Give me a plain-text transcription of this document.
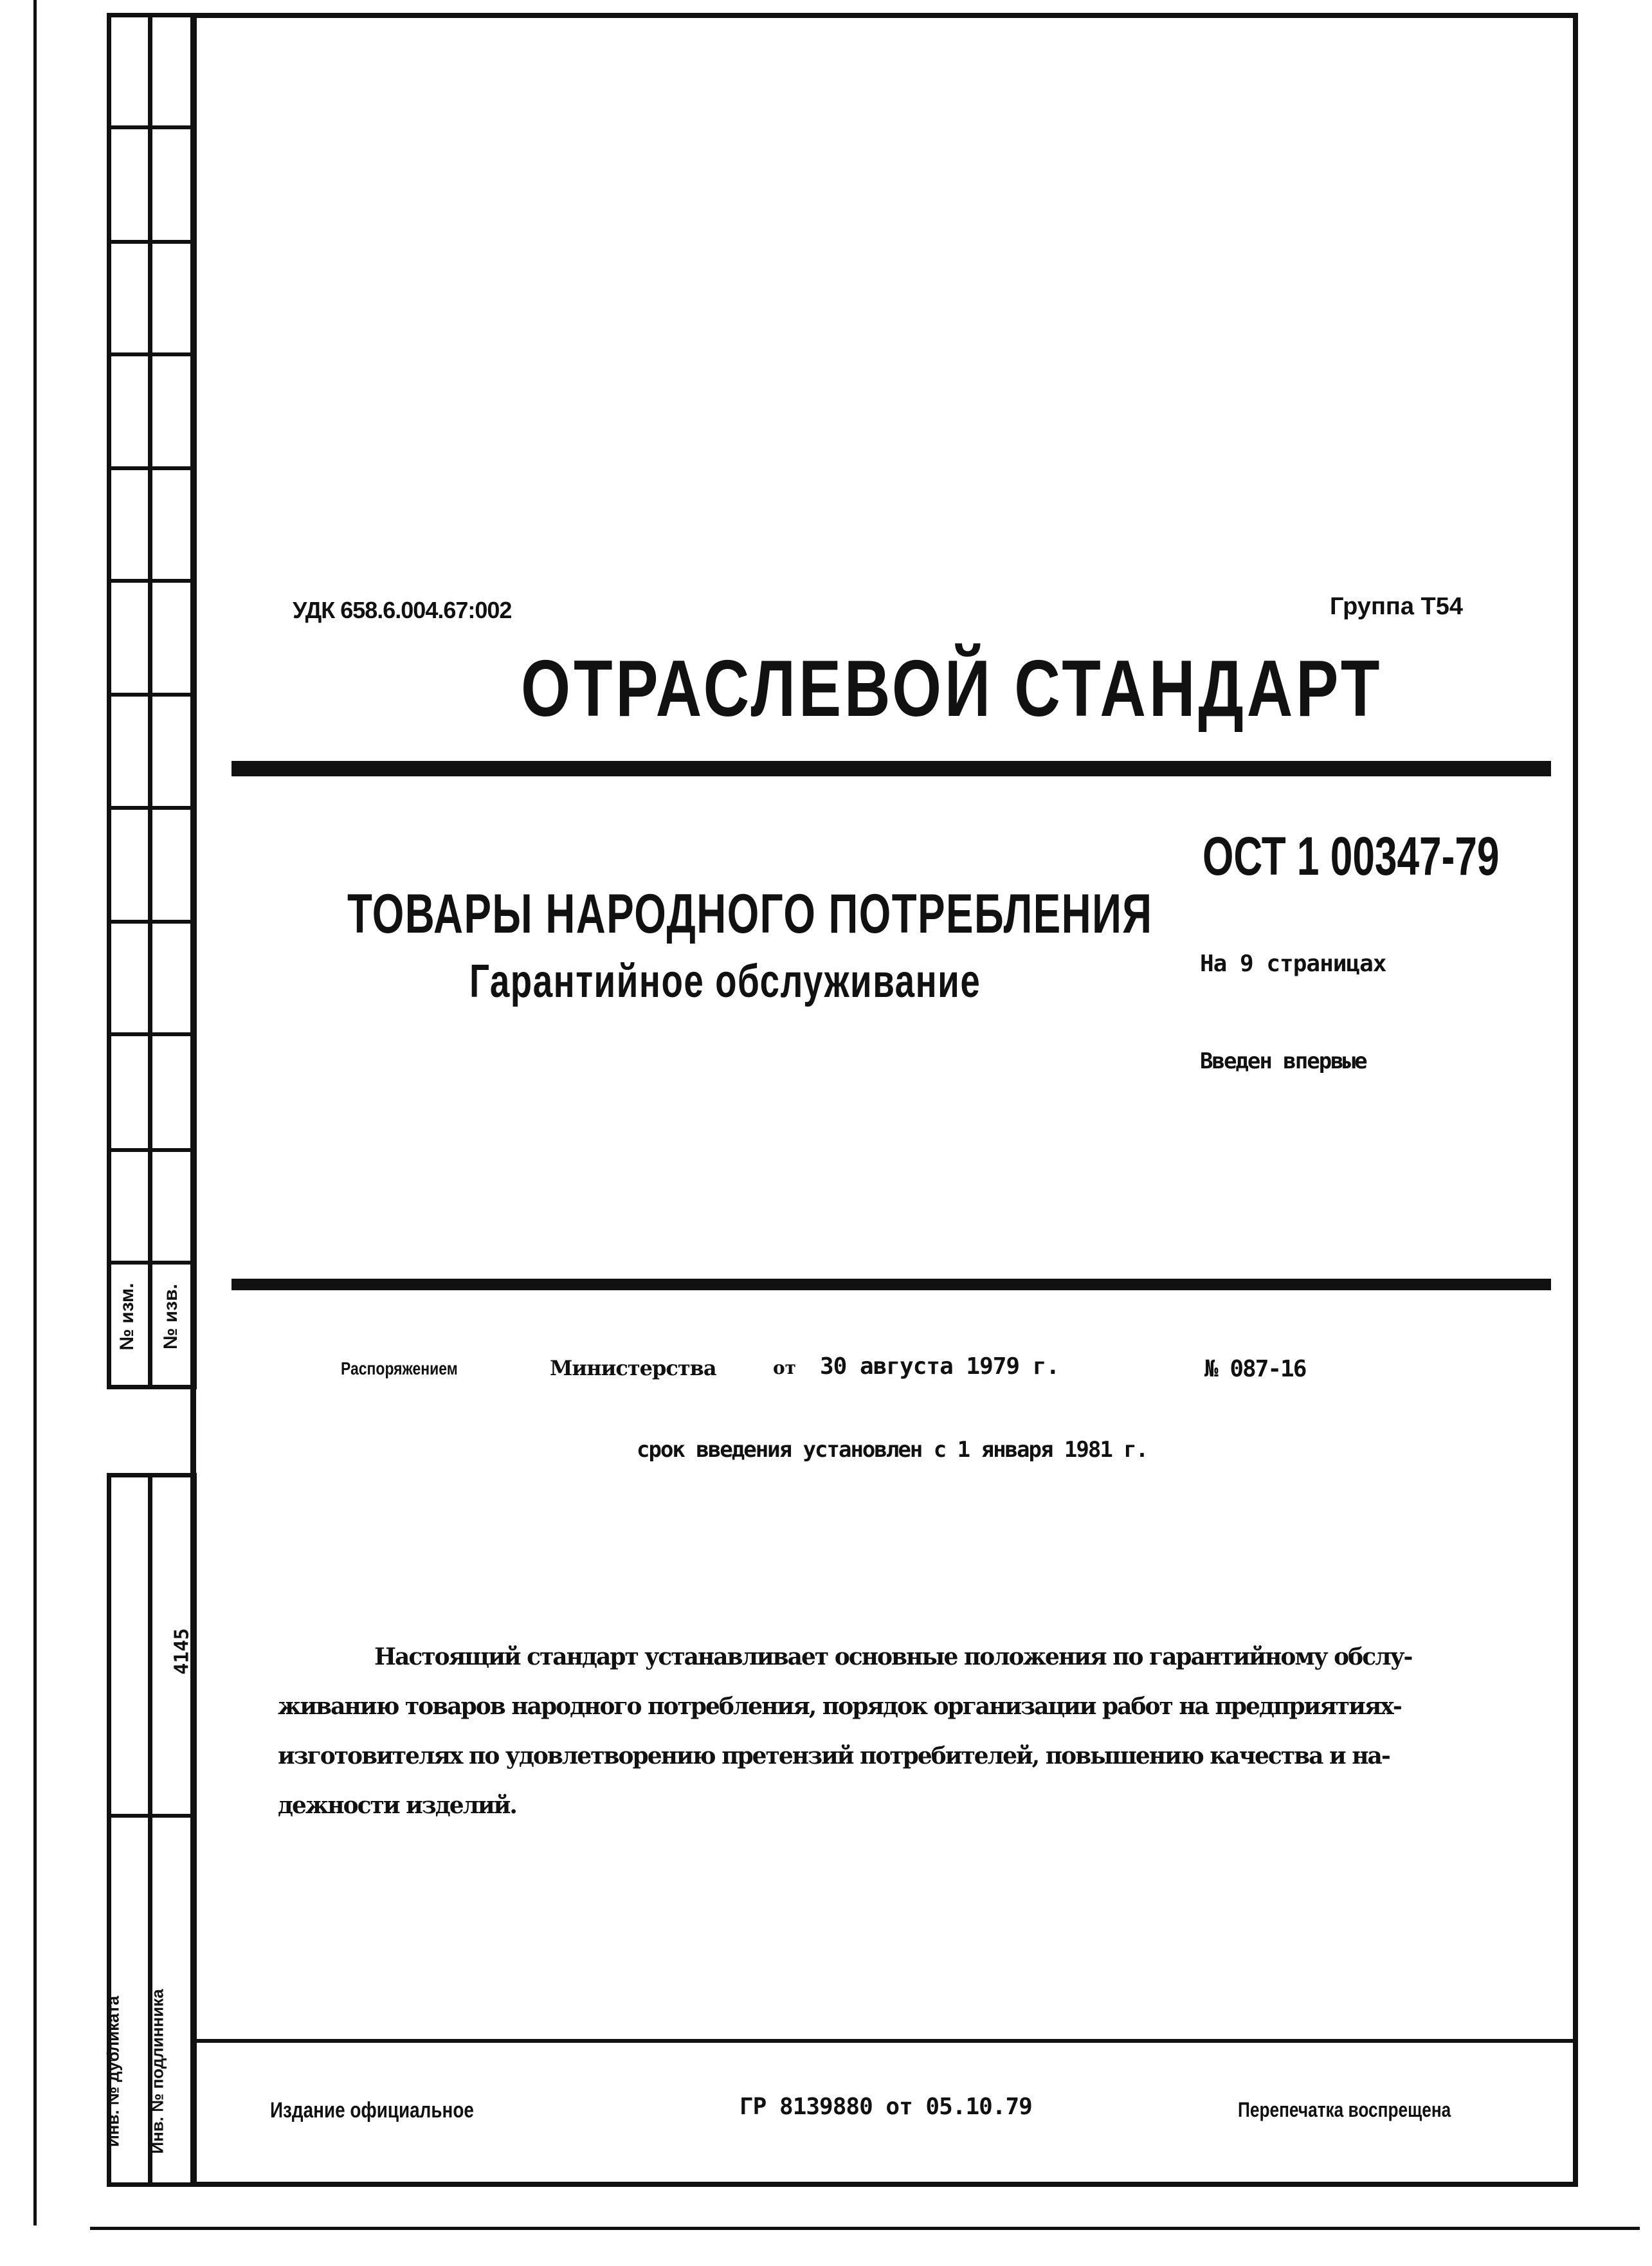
№ изм. № изв.
4145
Инв. № дубликата Инв. № подлинника
УДК 658.6.004.67:002	Группа Т54
ОТРАСЛЕВОЙ СТАНДАРТ
ОСТ 1 00347-79
На 9 страницах
Введен впервые
ТОВАРЫ НАРОДНОГО ПОТРЕБЛЕНИЯ
Гарантийное обслуживание
Распоряжением	Министерства	от 30 августа 1979 г.	№ 087-16
срок введения установлен с 1 января 1981 г.
Настоящий стандарт устанавливает основные положения по гарантийному обслу-
живанию товаров народного потребления, порядок организации работ на предприятиях-
изготовителях по удовлетворению претензий потребителей, повышению качества и на-
дежности изделий.
Издание официальное	ГР 8139880 от 05.10.79	Перепечатка воспрещена
